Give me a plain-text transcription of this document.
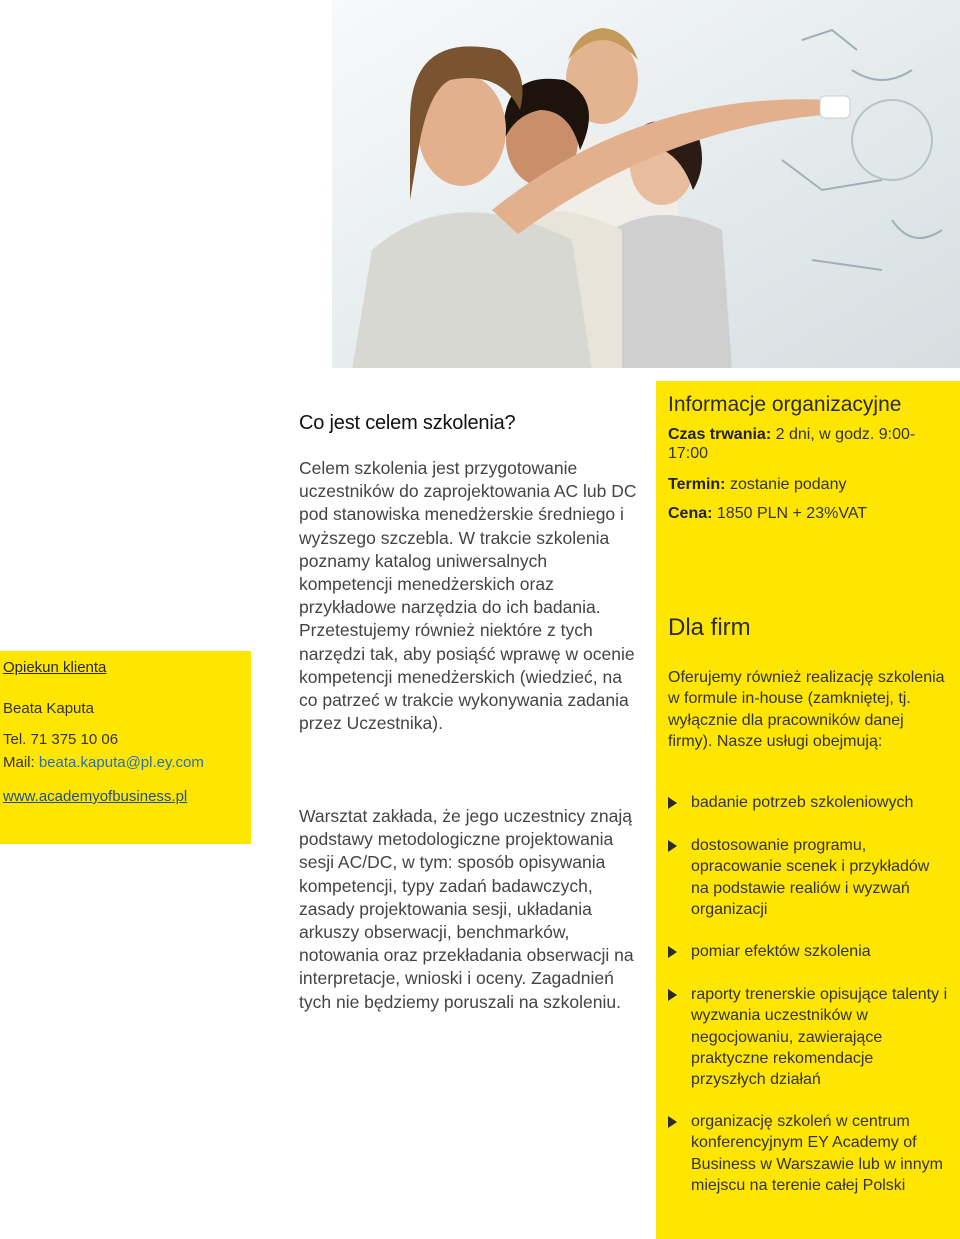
Opiekun klienta
Beata Kaputa
Tel. 71 375 10 06
Mail: beata.kaputa@pl.ey.com
www.academyofbusiness.pl
Co jest celem szkolenia?

Celem szkolenia jest przygotowanie uczestników do zaprojektowania AC lub DC pod stanowiska menedżerskie średniego i wyższego szczebla. W trakcie szkolenia poznamy katalog uniwersalnych kompetencji menedżerskich oraz przykładowe narzędzia do ich badania. Przetestujemy również niektóre z tych narzędzi tak, aby posiąść wprawę w ocenie kompetencji menedżerskich (wiedzieć, na co patrzeć w trakcie wykonywania zadania przez Uczestnika).

Warsztat zakłada, że jego uczestnicy znają podstawy metodologiczne projektowania sesji AC/DC, w tym: sposób opisywania kompetencji, typy zadań badawczych, zasady projektowania sesji, układania arkuszy obserwacji, benchmarków, notowania oraz przekładania obserwacji na interpretacje, wnioski i oceny. Zagadnień tych nie będziemy poruszali na szkoleniu.

Informacje organizacyjne
Czas trwania: 2 dni, w godz. 9:00-17:00
Termin: zostanie podany
Cena: 1850 PLN + 23%VAT
Dla firm
Oferujemy również realizację szkolenia w formule in-house (zamkniętej, tj. wyłącznie dla pracowników danej firmy). Nasze usługi obejmują:
badanie potrzeb szkoleniowych
dostosowanie programu, opracowanie scenek i przykładów na podstawie realiów i wyzwań organizacji
pomiar efektów szkolenia
raporty trenerskie opisujące talenty i wyzwania uczestników w negocjowaniu, zawierające praktyczne rekomendacje przyszłych działań
organizację szkoleń w centrum konferencyjnym EY Academy of Business w Warszawie lub w innym miejscu na terenie całej Polski
